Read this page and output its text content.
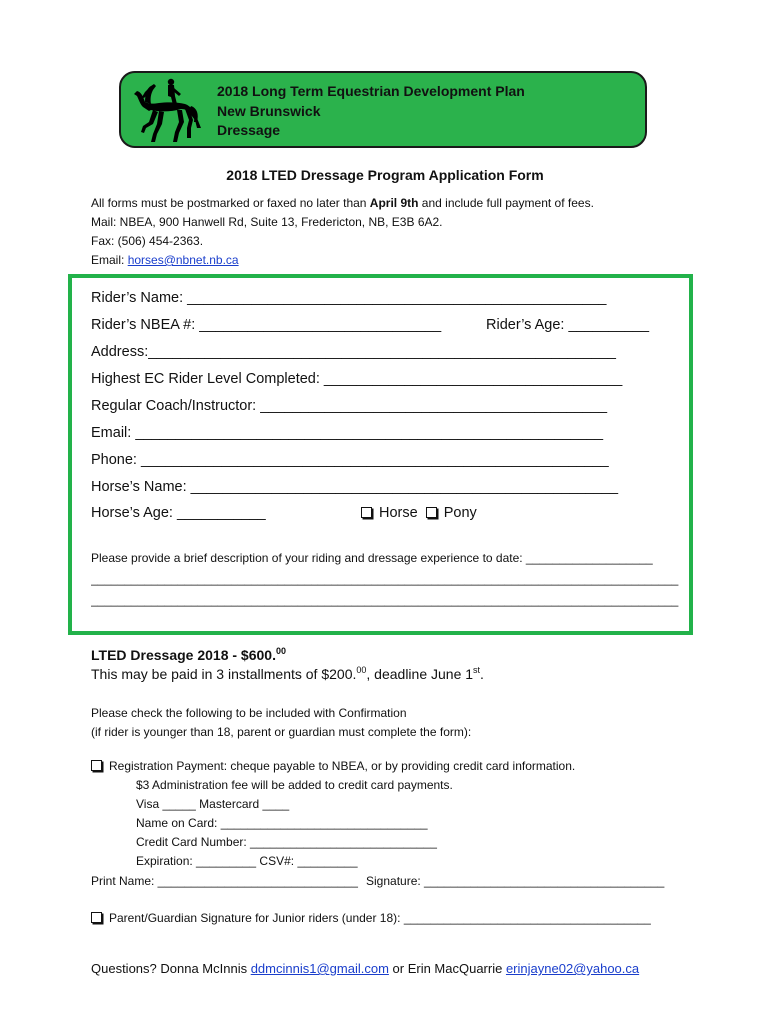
2018 Long Term Equestrian Development Plan
New Brunswick
Dressage
2018 LTED Dressage Program Application Form
All forms must be postmarked or faxed no later than April 9th and include full payment of fees.
Mail: NBEA, 900 Hanwell Rd, Suite 13, Fredericton, NB, E3B 6A2.
Fax: (506) 454-2363.
Email: horses@nbnet.nb.ca
Rider’s Name: ____________________________________________________
Rider’s NBEA #: ______________________________	Rider’s Age: __________
Address:__________________________________________________________
Highest EC Rider Level Completed: _____________________________________
Regular Coach/Instructor: ___________________________________________
Email: __________________________________________________________
Phone: __________________________________________________________
Horse’s Name: _____________________________________________________
Horse’s Age: ___________	Horse Pony
Please provide a brief description of your riding and dressage experience to date: ___________________
________________________________________________________________________________________
________________________________________________________________________________________
LTED Dressage 2018 - $600.00
This may be paid in 3 installments of $200.00, deadline June 1st.
Please check the following to be included with Confirmation
(if rider is younger than 18, parent or guardian must complete the form):
Registration Payment: cheque payable to NBEA, or by providing credit card information.
$3 Administration fee will be added to credit card payments.
Visa _____ Mastercard ____
Name on Card: _______________________________
Credit Card Number: ____________________________
Expiration: _________ CSV#: _________
Print Name: ______________________________ Signature: ____________________________________
Parent/Guardian Signature for Junior riders (under 18): _____________________________________
Questions? Donna McInnis ddmcinnis1@gmail.com or Erin MacQuarrie erinjayne02@yahoo.ca
